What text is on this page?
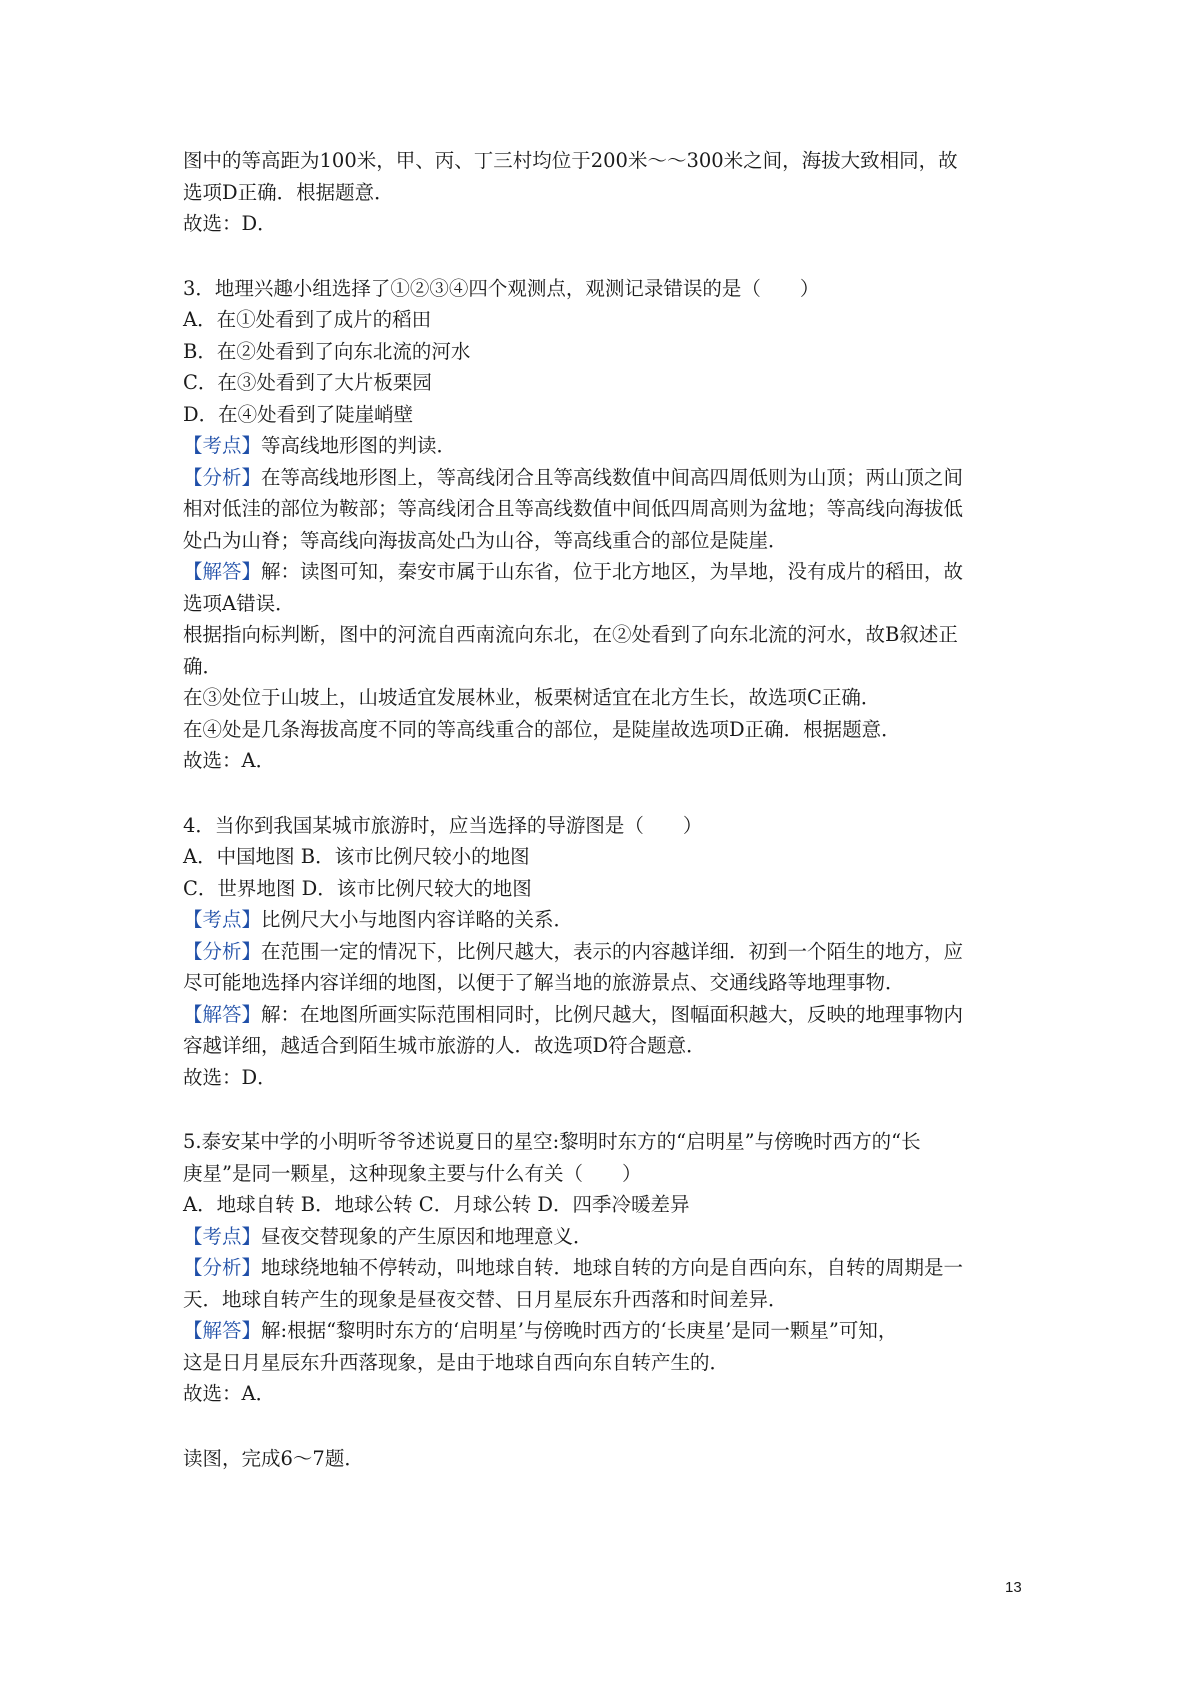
图中的等高距为100米，甲、丙、丁三村均位于200米～～300米之间，海拔大致相同，故
选项D正确．根据题意．
故选：D．
3．地理兴趣小组选择了①②③④四个观测点，观测记录错误的是（　　）
A．在①处看到了成片的稻田
B．在②处看到了向东北流的河水
C．在③处看到了大片板栗园
D．在④处看到了陡崖峭壁
【考点】等高线地形图的判读．
【分析】在等高线地形图上，等高线闭合且等高线数值中间高四周低则为山顶；两山顶之间
相对低洼的部位为鞍部；等高线闭合且等高线数值中间低四周高则为盆地；等高线向海拔低
处凸为山脊；等高线向海拔高处凸为山谷，等高线重合的部位是陡崖．
【解答】解：读图可知，秦安市属于山东省，位于北方地区，为旱地，没有成片的稻田，故
选项A错误．
根据指向标判断，图中的河流自西南流向东北，在②处看到了向东北流的河水，故B叙述正
确．
在③处位于山坡上，山坡适宜发展林业，板栗树适宜在北方生长，故选项C正确．
在④处是几条海拔高度不同的等高线重合的部位，是陡崖故选项D正确．根据题意．
故选：A．
4．当你到我国某城市旅游时，应当选择的导游图是（　　）
A．中国地图 B．该市比例尺较小的地图
C．世界地图 D．该市比例尺较大的地图
【考点】比例尺大小与地图内容详略的关系．
【分析】在范围一定的情况下，比例尺越大，表示的内容越详细．初到一个陌生的地方，应
尽可能地选择内容详细的地图，以便于了解当地的旅游景点、交通线路等地理事物．
【解答】解：在地图所画实际范围相同时，比例尺越大，图幅面积越大，反映的地理事物内
容越详细，越适合到陌生城市旅游的人．故选项D符合题意．
故选：D．
5.泰安某中学的小明听爷爷述说夏日的星空:黎明时东方的“启明星”与傍晚时西方的“长
庚星”是同一颗星，这种现象主要与什么有关（　　）
A．地球自转 B．地球公转 C．月球公转 D．四季冷暖差异
【考点】昼夜交替现象的产生原因和地理意义．
【分析】地球绕地轴不停转动，叫地球自转．地球自转的方向是自西向东，自转的周期是一
天．地球自转产生的现象是昼夜交替、日月星辰东升西落和时间差异．
【解答】解:根据“黎明时东方的‘启明星’与傍晚时西方的‘长庚星’是同一颗星”可知，
这是日月星辰东升西落现象，是由于地球自西向东自转产生的．
故选：A．
读图，完成6～7题．
13
